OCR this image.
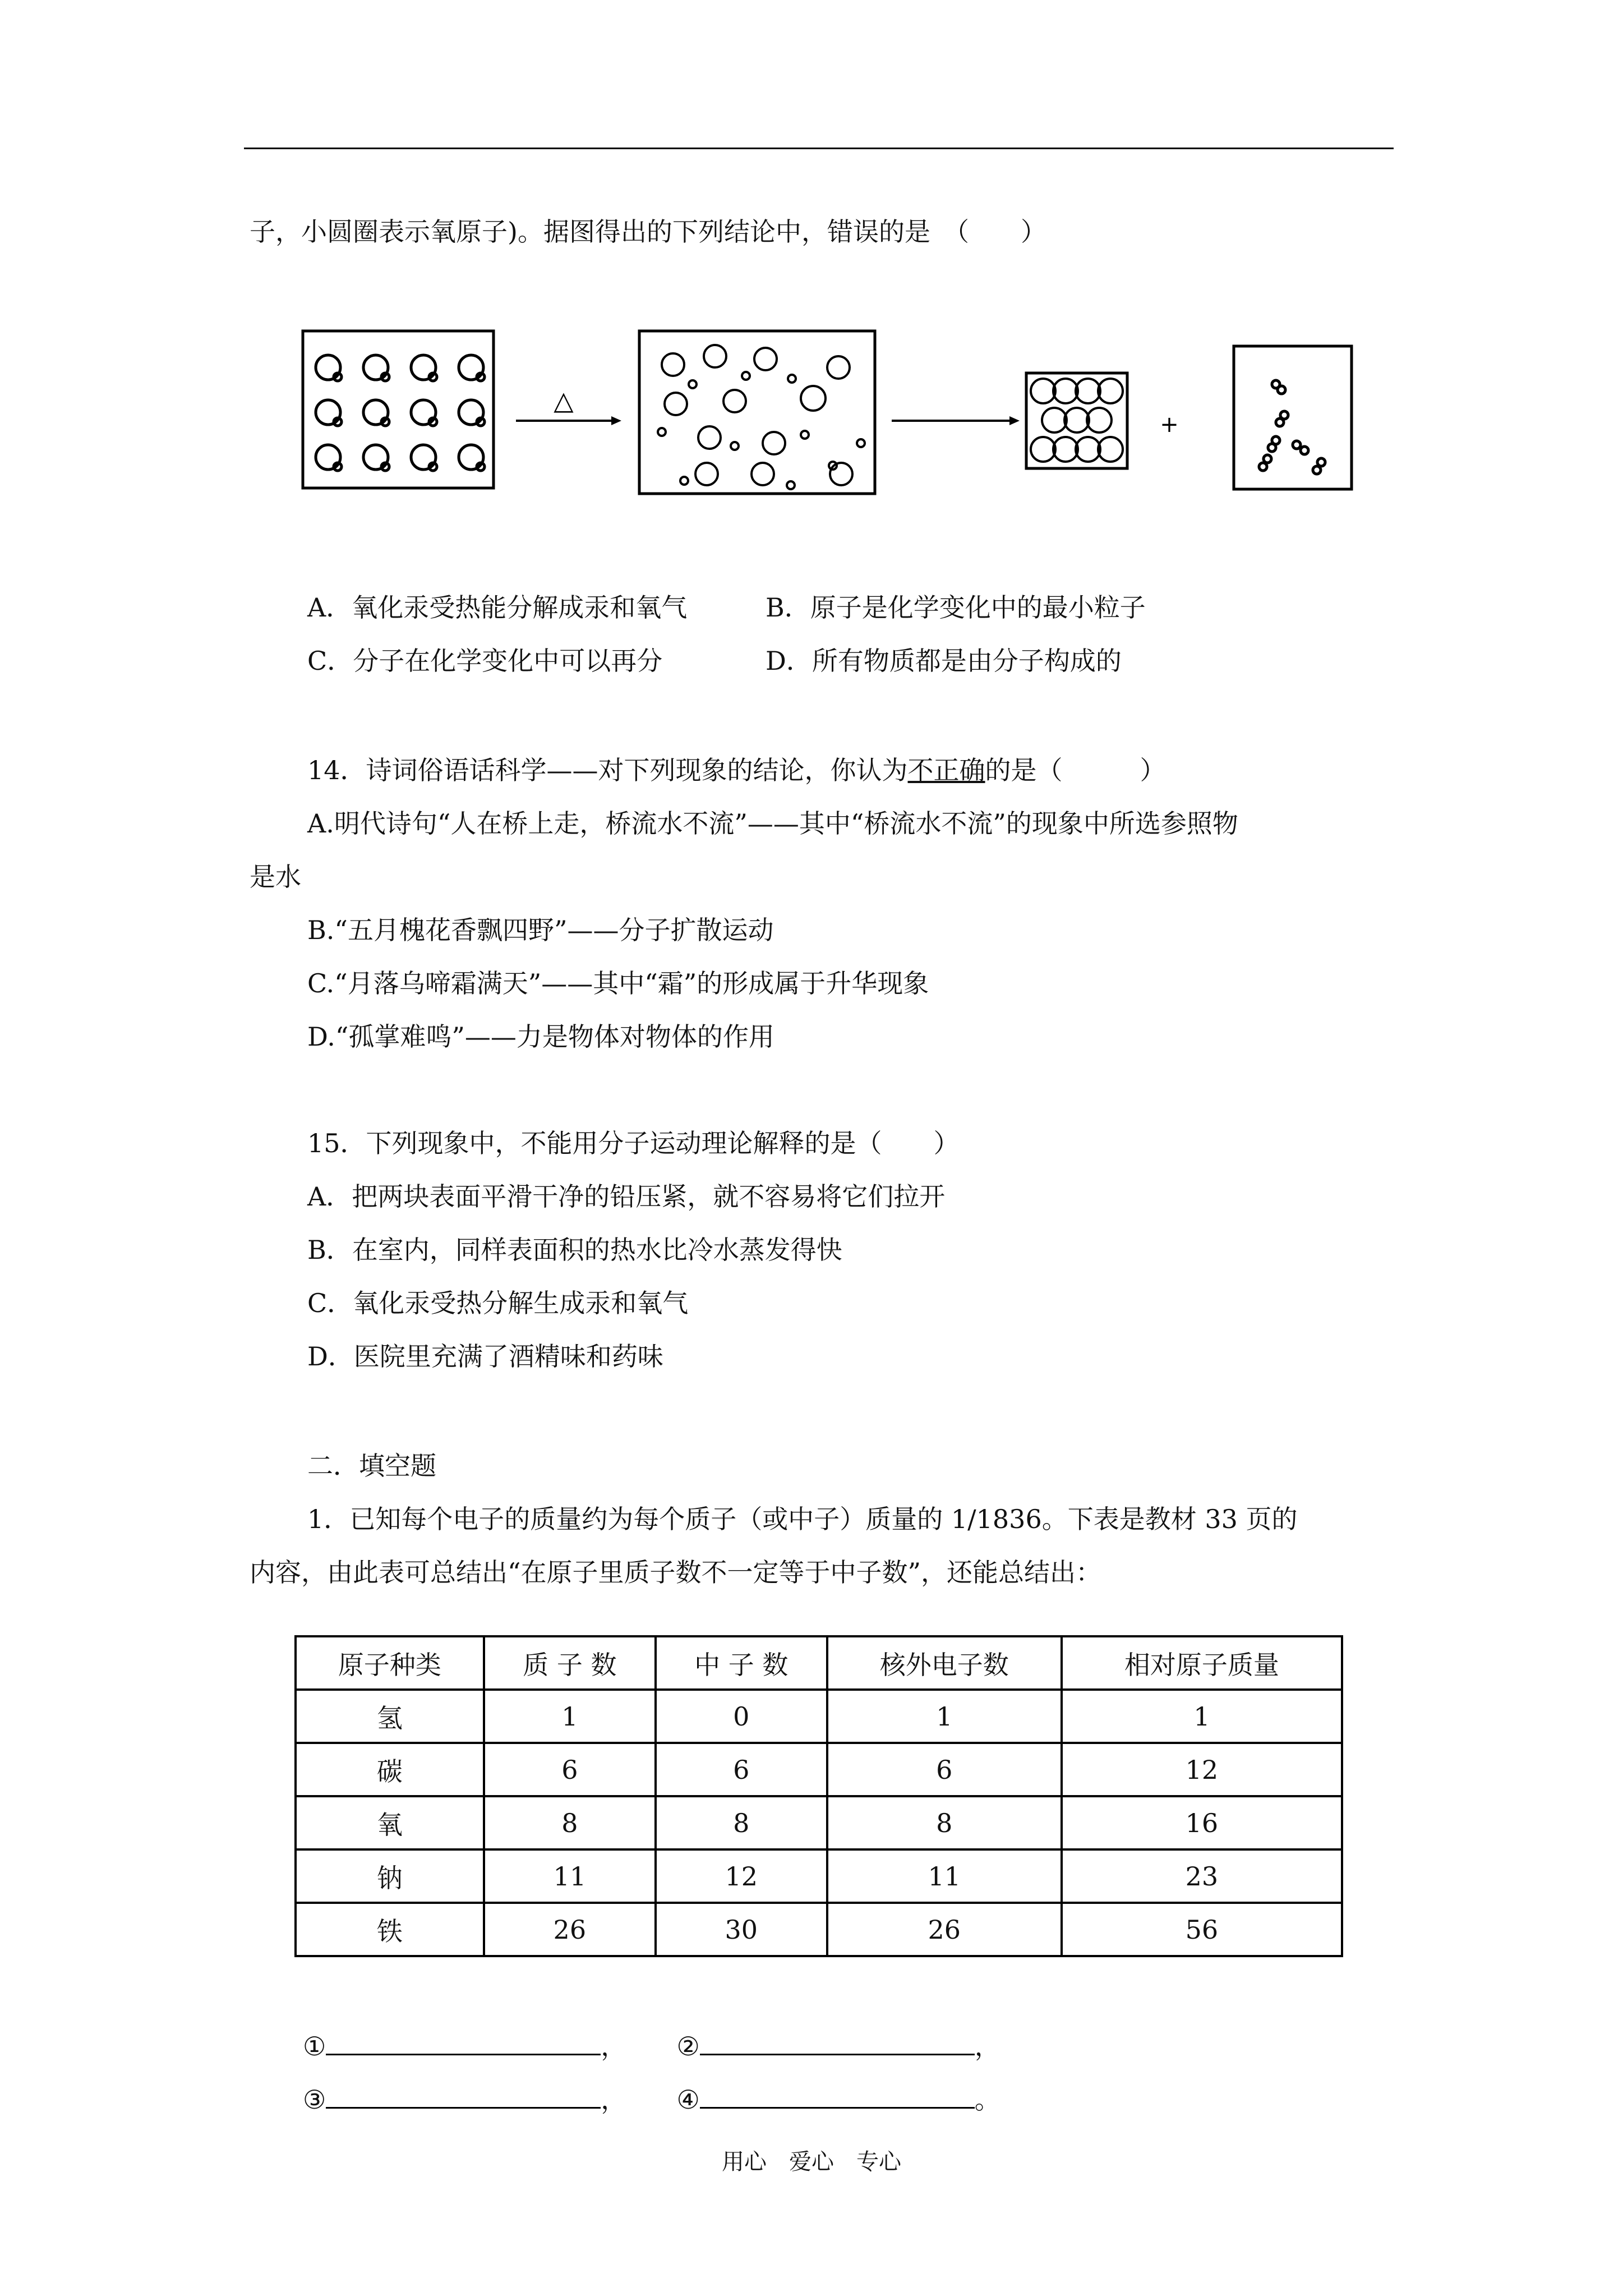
子，小圆圈表示氧原子)。据图得出的下列结论中，错误的是　（　　）
△
+
A．氧化汞受热能分解成汞和氧气	B．原子是化学变化中的最小粒子
C．分子在化学变化中可以再分	D．所有物质都是由分子构成的
14．诗词俗语话科学——对下列现象的结论，你认为不正确的是（　　　）
A.明代诗句“人在桥上走，桥流水不流”——其中“桥流水不流”的现象中所选参照物
是水
B.“五月槐花香飘四野”——分子扩散运动
C.“月落乌啼霜满天”——其中“霜”的形成属于升华现象
D.“孤掌难鸣”——力是物体对物体的作用
15．下列现象中，不能用分子运动理论解释的是（　　）
A．把两块表面平滑干净的铅压紧，就不容易将它们拉开
B．在室内，同样表面积的热水比冷水蒸发得快
C．氧化汞受热分解生成汞和氧气
D．医院里充满了酒精味和药味
二．填空题
1．已知每个电子的质量约为每个质子（或中子）质量的 1/1836。下表是教材 33 页的
内容，由此表可总结出“在原子里质子数不一定等于中子数”，还能总结出：
原子种类	质 子 数	中 子 数	核外电子数	相对原子质量
氢	1	0	1	1
碳	6	6	6	12
氧	8	8	8	16
钠	11	12	11	23
铁	26	30	26	56
①	， ②	，
③	， ④	。
用心　爱心　专心
